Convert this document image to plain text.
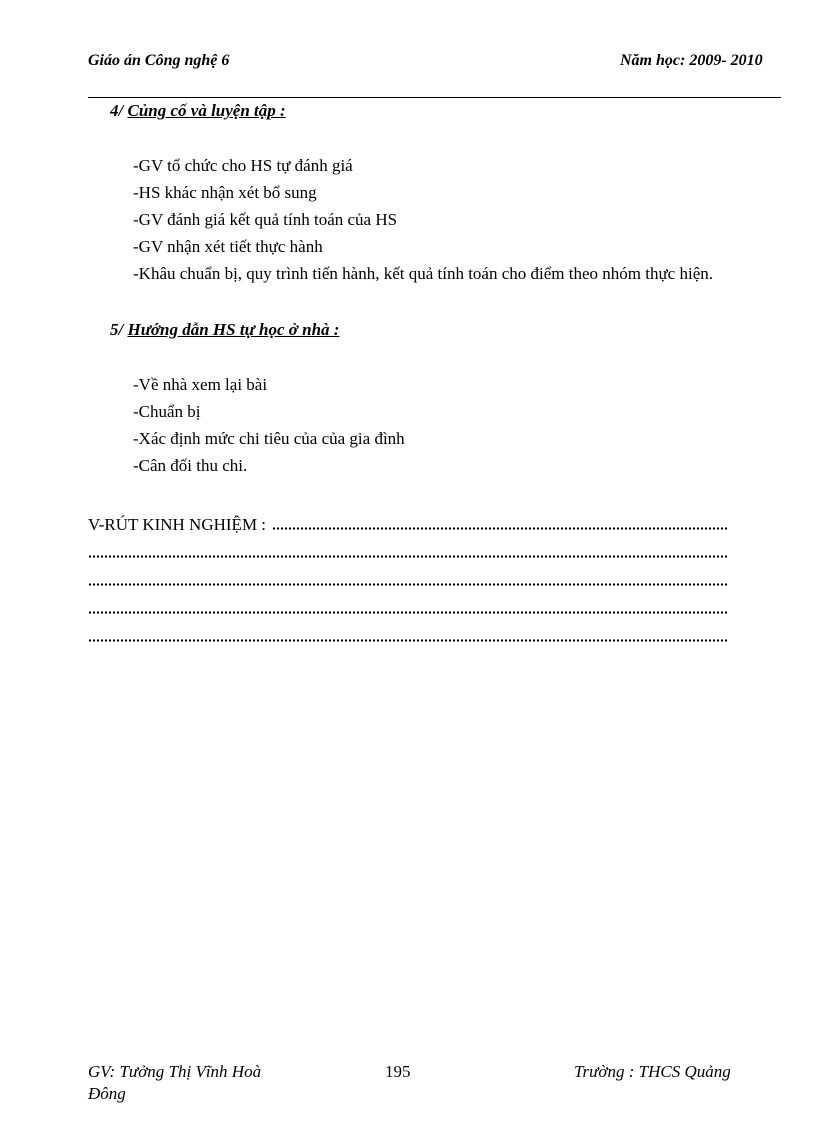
Giáo án Công nghệ 6	Năm học: 2009- 2010
4/ Củng cố và luyện tập :
-GV tổ chức cho HS tự đánh giá
-HS khác nhận xét bổ sung
-GV đánh giá kết quả tính toán của HS
-GV nhận xét tiết thực hành
-Khâu chuẩn bị, quy trình tiến hành, kết quả tính toán cho điểm theo nhóm thực hiện.
5/ Hướng dẫn HS tự học ở nhà :
-Về nhà xem lại bài
-Chuẩn bị
-Xác định mức chi tiêu của của gia đình
-Cân đối thu chi.
V-RÚT KINH NGHIỆM :
GV: Tưởng Thị Vĩnh Hoà	195	Trường : THCS Quảng
Đông
